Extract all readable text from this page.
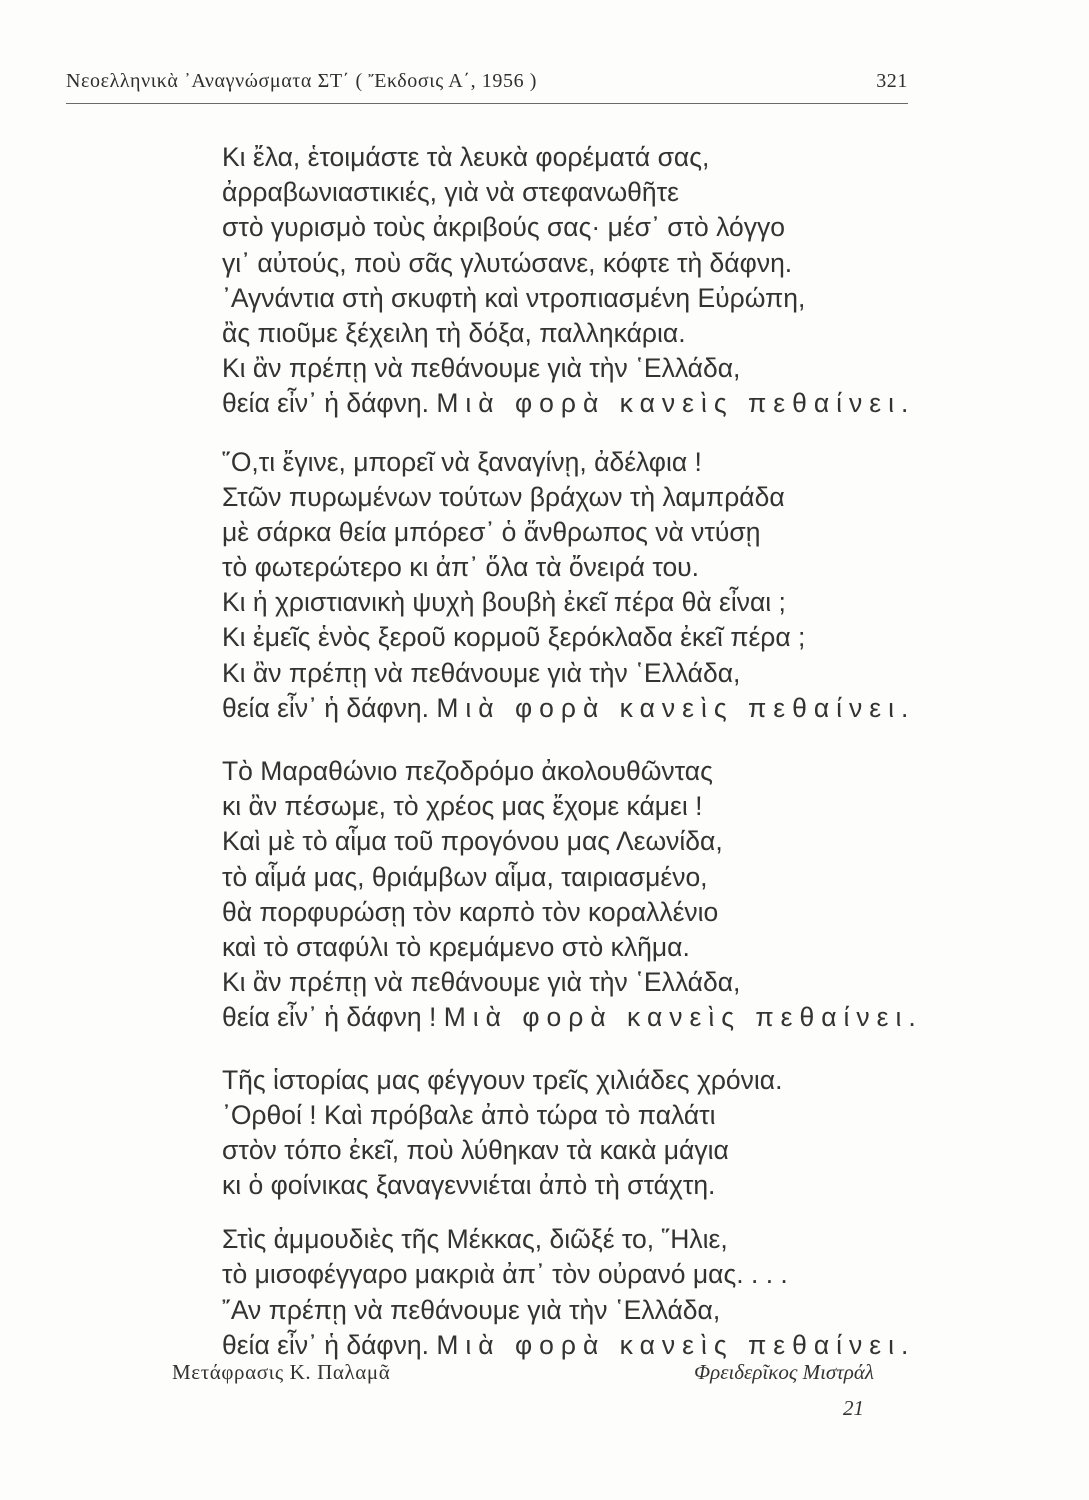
Νεοελληνικὰ ᾿Αναγνώσματα ΣΤ΄ ( Ἔκδοσις Α΄, 1956 )	321
Κι ἔλα, ἑτοιμάστε τὰ λευκὰ φορέματά σας,
ἀρραβωνιαστικιές, γιὰ νὰ στεφανωθῆτε
στὸ γυρισμὸ τοὺς ἀκριβούς σας· μέσ᾽ στὸ λόγγο
γι᾽ αὐτούς, ποὺ σᾶς γλυτώσανε, κόφτε τὴ δάφνη.
᾿Αγνάντια στὴ σκυφτὴ καὶ ντροπιασμένη Εὐρώπη,
ἂς πιοῦμε ξέχειλη τὴ δόξα, παλληκάρια.
Κι ἂν πρέπῃ νὰ πεθάνουμε γιὰ τὴν ῾Ελλάδα,
θεία εἶν᾽ ἡ δάφνη. Μιὰ φορὰ κανεὶς πεθαίνει.
῞Ο,τι ἔγινε, μπορεῖ νὰ ξαναγίνῃ, ἀδέλφια !
Στῶν πυρωμένων τούτων βράχων τὴ λαμπράδα
μὲ σάρκα θεία μπόρεσ᾽ ὁ ἄνθρωπος νὰ ντύσῃ
τὸ φωτερώτερο κι ἀπ᾽ ὅλα τὰ ὄνειρά του.
Κι ἡ χριστιανικὴ ψυχὴ βουβὴ ἐκεῖ πέρα θὰ εἶναι ;
Κι ἐμεῖς ἑνὸς ξεροῦ κορμοῦ ξερόκλαδα ἐκεῖ πέρα ;
Κι ἂν πρέπῃ νὰ πεθάνουμε γιὰ τὴν ῾Ελλάδα,
θεία εἶν᾽ ἡ δάφνη. Μιὰ φορὰ κανεὶς πεθαίνει.
Τὸ Μαραθώνιο πεζοδρόμο ἀκολουθῶντας
κι ἂν πέσωμε, τὸ χρέος μας ἔχομε κάμει !
Καὶ μὲ τὸ αἷμα τοῦ προγόνου μας Λεωνίδα,
τὸ αἷμά μας, θριάμβων αἷμα, ταιριασμένο,
θὰ πορφυρώσῃ τὸν καρπὸ τὸν κοραλλένιο
καὶ τὸ σταφύλι τὸ κρεμάμενο στὸ κλῆμα.
Κι ἂν πρέπῃ νὰ πεθάνουμε γιὰ τὴν ῾Ελλάδα,
θεία εἶν᾽ ἡ δάφνη ! Μιὰ φορὰ κανεὶς πεθαίνει.
Τῆς ἱστορίας μας φέγγουν τρεῖς χιλιάδες χρόνια.
᾿Ορθοί ! Καὶ πρόβαλε ἀπὸ τώρα τὸ παλάτι
στὸν τόπο ἐκεῖ, ποὺ λύθηκαν τὰ κακὰ μάγια
κι ὁ φοίνικας ξαναγεννιέται ἀπὸ τὴ στάχτη.
Στὶς ἀμμουδιὲς τῆς Μέκκας, διῶξέ το, ῞Ηλιε,
τὸ μισοφέγγαρο μακριὰ ἀπ᾽ τὸν οὐρανό μας. . . .
῎Αν πρέπῃ νὰ πεθάνουμε γιὰ τὴν ῾Ελλάδα,
θεία εἶν᾽ ἡ δάφνη. Μιὰ φορὰ κανεὶς πεθαίνει.
Μετάφρασις Κ. Παλαμᾶ	Φρειδερῖκος Μιστράλ
21
